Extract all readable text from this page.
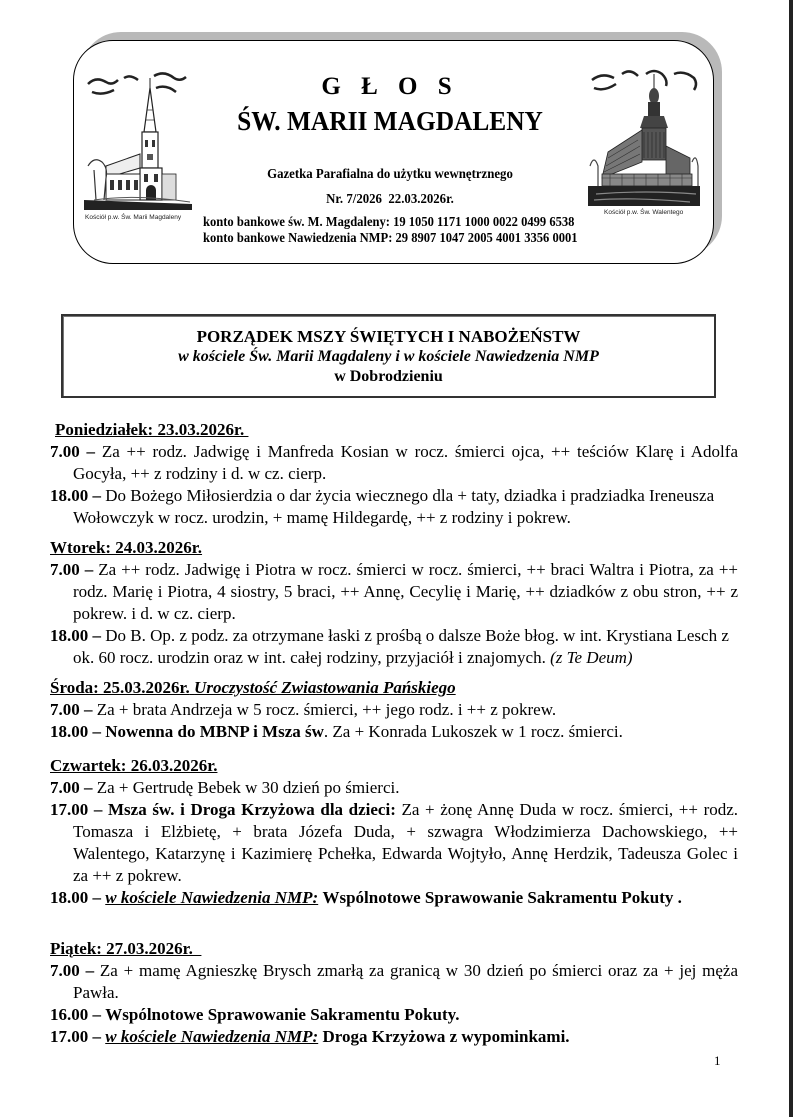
Kościół p.w. Św. Marii Magdaleny
Kościół p.w. Św. Walentego
G Ł O S
ŚW. MARII MAGDALENY
Gazetka Parafialna do użytku wewnętrznego
Nr. 7/2026  22.03.2026r.
konto bankowe św. M. Magdaleny: 19 1050 1171 1000 0022 0499 6538
konto bankowe Nawiedzenia NMP: 29 8907 1047 2005 4001 3356 0001
PORZĄDEK MSZY ŚWIĘTYCH I NABOŻEŃSTW
w kościele Św. Marii Magdaleny i w kościele Nawiedzenia NMP
w Dobrodzieniu
Poniedziałek: 23.03.2026r.
7.00 – Za ++ rodz. Jadwigę i Manfreda Kosian w rocz. śmierci ojca, ++ teściów Klarę i Adolfa Gocyła, ++ z rodziny i d. w cz. cierp.
18.00 – Do Bożego Miłosierdzia o dar życia wiecznego dla + taty, dziadka i pradziadka Ireneusza Wołowczyk w rocz. urodzin, + mamę Hildegardę, ++ z rodziny i pokrew.
Wtorek: 24.03.2026r.
7.00 – Za ++ rodz. Jadwigę i Piotra w rocz. śmierci w rocz. śmierci, ++ braci Waltra i Piotra, za ++ rodz. Marię i Piotra, 4 siostry, 5 braci, ++ Annę, Cecylię i Marię, ++ dziadków z obu stron, ++ z pokrew. i d. w cz. cierp.
18.00 – Do B. Op. z podz. za otrzymane łaski z prośbą o dalsze Boże błog. w int. Krystiana Lesch z ok. 60 rocz. urodzin oraz w int. całej rodziny, przyjaciół i znajomych. (z Te Deum)
Środa: 25.03.2026r. Uroczystość Zwiastowania Pańskiego
7.00 – Za + brata Andrzeja w 5 rocz. śmierci, ++ jego rodz. i ++ z pokrew.
18.00 – Nowenna do MBNP i Msza św. Za + Konrada Lukoszek w 1 rocz. śmierci.
Czwartek: 26.03.2026r.
7.00 – Za + Gertrudę Bebek w 30 dzień po śmierci.
17.00 – Msza św. i Droga Krzyżowa dla dzieci: Za + żonę Annę Duda w rocz. śmierci, ++ rodz. Tomasza i Elżbietę, + brata Józefa Duda, + szwagra Włodzimierza Dachowskiego, ++ Walentego, Katarzynę i Kazimierę Pchełka, Edwarda Wojtyło, Annę Herdzik, Tadeusza Golec i za ++ z pokrew.
18.00 – w kościele Nawiedzenia NMP: Wspólnotowe Sprawowanie Sakramentu Pokuty .
Piątek: 27.03.2026r.
7.00 – Za + mamę Agnieszkę Brysch zmarłą za granicą w 30 dzień po śmierci oraz za + jej męża Pawła.
16.00 – Wspólnotowe Sprawowanie Sakramentu Pokuty.
17.00 – w kościele Nawiedzenia NMP: Droga Krzyżowa z wypominkami.
1
